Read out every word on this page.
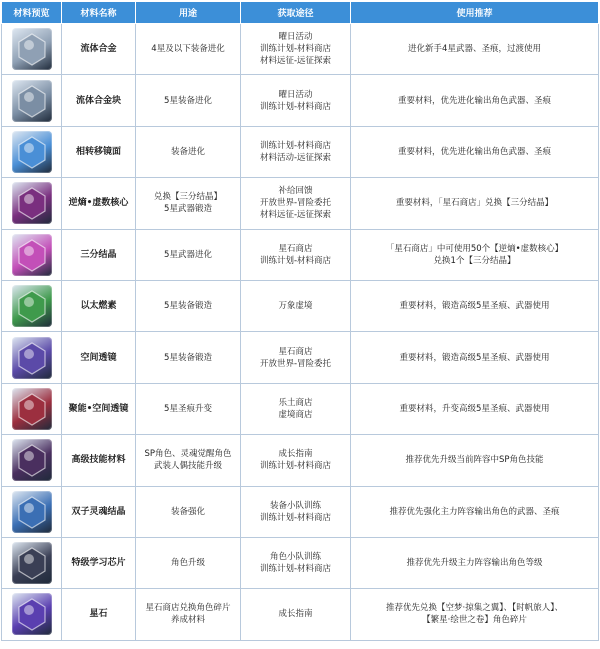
材料预览	材料名称	用途	获取途径	使用推荐

	流体合金	4星及以下装备进化	曜日活动
训练计划-材料商店
材料远征-远征探索	进化新手4星武器、圣痕，过渡使用

	流体合金块	5星装备进化	曜日活动
训练计划-材料商店	重要材料，优先进化输出角色武器、圣痕

	相转移镜面	装备进化	训练计划-材料商店
材料活动-远征探索	重要材料，优先进化输出角色武器、圣痕

	逆熵•虚数核心	兑换【三分结晶】
5星武器锻造	补给回馈
开放世界-冒险委托
材料远征-远征探索	重要材料，「星石商店」兑换【三分结晶】

	三分结晶	5星武器进化	星石商店
训练计划-材料商店	「星石商店」中可使用50个【逆熵•虚数核心】
兑换1个【三分结晶】

	以太燃素	5星装备锻造	万象虚境	重要材料，锻造高级5星圣痕、武器使用

	空间透镜	5星装备锻造	星石商店
开放世界-冒险委托	重要材料，锻造高级5星圣痕、武器使用

	聚能•空间透镜	5星圣痕升变	乐土商店
虚境商店	重要材料，升变高级5星圣痕、武器使用

	高级技能材料	SP角色、灵魂觉醒角色
武装人偶技能升级	成长指南
训练计划-材料商店	推荐优先升级当前阵容中SP角色技能

	双子灵魂结晶	装备强化	装备小队训练
训练计划-材料商店	推荐优先强化主力阵容输出角色的武器、圣痕

	特级学习芯片	角色升级	角色小队训练
训练计划-材料商店	推荐优先升级主力阵容输出角色等级

	星石	星石商店兑换角色碎片
养成材料	成长指南	推荐优先兑换【空梦·掠集之翼】、【时帆旅人】、
【繁星·绘世之卷】角色碎片
